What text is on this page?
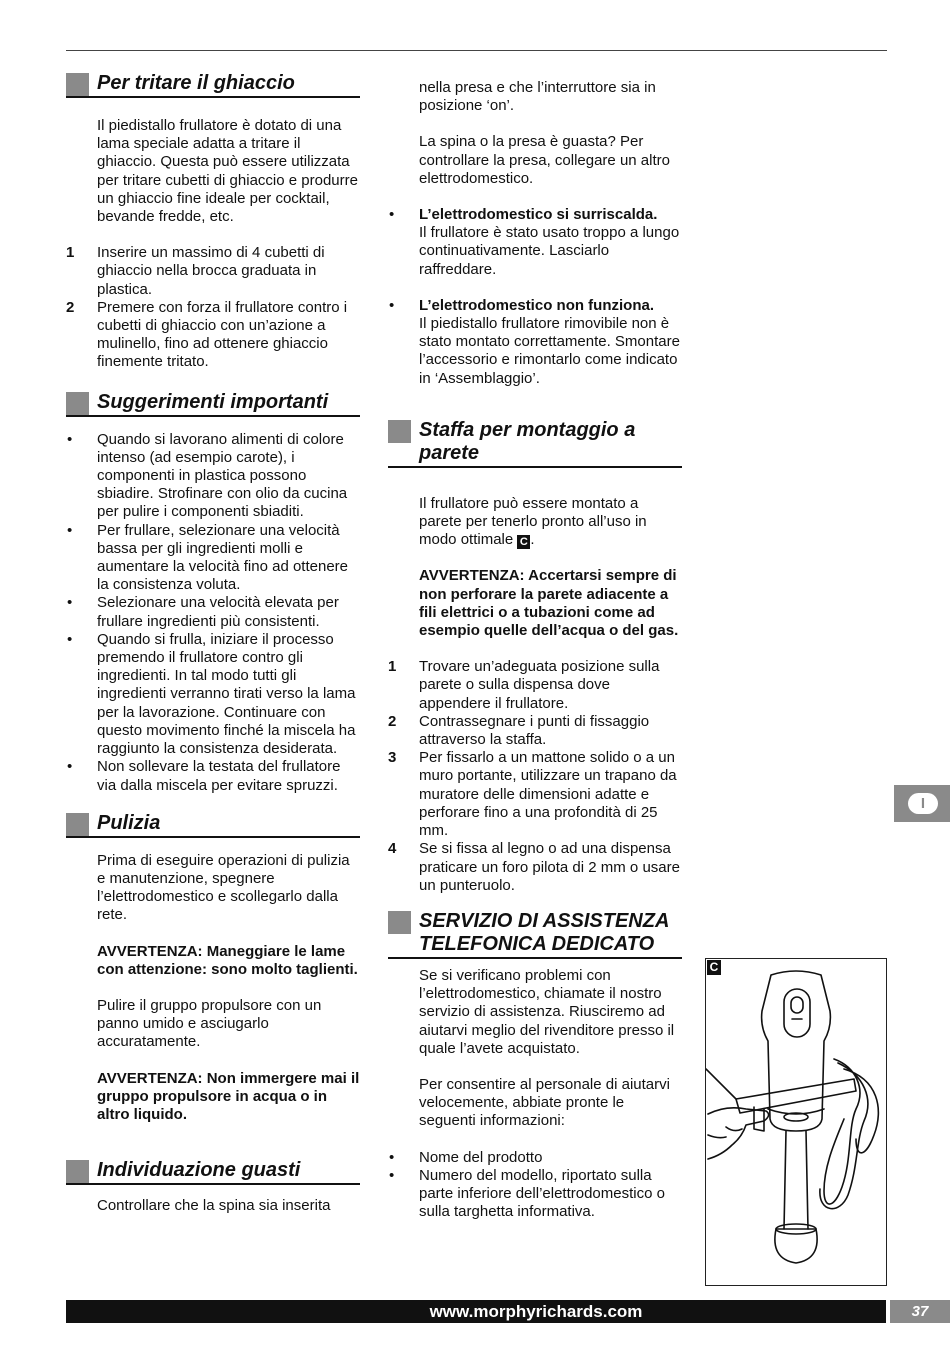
Per tritare il ghiaccio

Il piedistallo frullatore è dotato di una lama speciale adatta a tritare il ghiaccio. Questa può essere utilizzata per tritare cubetti di ghiaccio e produrre un ghiaccio fine ideale per cocktail, bevande fredde, etc.

1 Inserire un massimo di 4 cubetti di ghiaccio nella brocca graduata in plastica.
2 Premere con forza il frullatore contro i cubetti di ghiaccio con un’azione a mulinello, fino ad ottenere ghiaccio finemente tritato.
Suggerimenti importanti
• Quando si lavorano alimenti di colore intenso (ad esempio carote), i componenti in plastica possono sbiadire. Strofinare con olio da cucina per pulire i componenti sbiaditi.
• Per frullare, selezionare una velocità bassa per gli ingredienti molli e aumentare la velocità fino ad ottenere la consistenza voluta.
• Selezionare una velocità elevata per frullare ingredienti più consistenti.
• Quando si frulla, iniziare il processo premendo il frullatore contro gli ingredienti. In tal modo tutti gli ingredienti verranno tirati verso la lama per la lavorazione. Continuare con questo movimento finché la miscela ha raggiunto la consistenza desiderata.
• Non sollevare la testata del frullatore via dalla miscela per evitare spruzzi.
Pulizia

Prima di eseguire operazioni di pulizia e manutenzione, spegnere l’elettrodomestico e scollegarlo dalla rete.

AVVERTENZA: Maneggiare le lame con attenzione: sono molto taglienti.

Pulire il gruppo propulsore con un panno umido e asciugarlo accuratamente.

AVVERTENZA: Non immergere mai il gruppo propulsore in acqua o in altro liquido.

Individuazione guasti

Controllare che la spina sia inserita

nella presa e che l’interruttore sia in posizione ‘on’.

La spina o la presa è guasta? Per controllare la presa, collegare un altro elettrodomestico.

• L’elettrodomestico si surriscalda.
Il frullatore è stato usato troppo a lungo continuativamente. Lasciarlo raffreddare.
• L’elettrodomestico non funziona.
Il piedistallo frullatore rimovibile non è stato montato correttamente. Smontare l’accessorio e rimontarlo come indicato in ‘Assemblaggio’.
Staffa per montaggio a parete

Il frullatore può essere montato a parete per tenerlo pronto all’uso in modo ottimale C .

AVVERTENZA: Accertarsi sempre di non perforare la parete adiacente a fili elettrici o a tubazioni come ad esempio quelle dell’acqua o del gas.

1 Trovare un’adeguata posizione sulla parete o sulla dispensa dove appendere il frullatore.
2 Contrassegnare i punti di fissaggio attraverso la staffa.
3 Per fissarlo a un mattone solido o a un muro portante, utilizzare un trapano da muratore delle dimensioni adatte e perforare fino a una profondità di 25 mm.
4 Se si fissa al legno o ad una dispensa praticare un foro pilota di 2 mm o usare un punteruolo.
SERVIZIO DI ASSISTENZA TELEFONICA DEDICATO

Se si verificano problemi con l’elettrodomestico, chiamate il nostro servizio di assistenza. Riusciremo ad aiutarvi meglio del rivenditore presso il quale l’avete acquistato.

Per consentire al personale di aiutarvi velocemente, abbiate pronte le seguenti informazioni:

• Nome del prodotto
• Numero del modello, riportato sulla parte inferiore dell’elettrodomestico o sulla targhetta informativa.
I
C
www.morphyrichards.com	37
